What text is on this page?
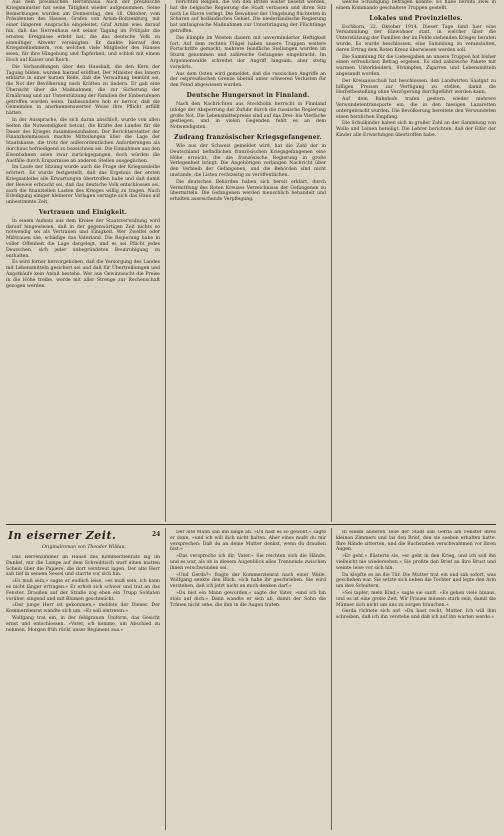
Aus dem preußischen Herrenhaus. Auch der preußische Kriegsminister hat seine Tätigkeit wieder aufgenommen. Seine Bemerkungen wurden am Donnerstag, den 16. Oktober, vom Präsidenten des Hauses, Grafen von Arnim-Boitzenburg, mit einer längeren Ansprache eingeleitet. Graf Arnim wies darauf hin, daß das Herrenhaus seit seiner Tagung im Frühjahr die ernsten Ereignisse erlebt hat, die das deutsche Volk zu einmütiger Abwehr vereinigten. Er dankte hierauf den Kriegsteilnehmern, von welchen viele Mitglieder des Hauses seien, für ihre Hingebung und Tapferkeit, und schloß mit einem Hoch auf Kaiser und Reich.

Die Verhandlungen über den Haushalt, die den Kern der Tagung bilden, wurden hierauf eröffnet. Der Minister des Innern erklärte in einer kurzen Rede, daß die Verwaltung bemüht sei, die Not der Bevölkerung nach Kräften zu lindern. Er gab eine Übersicht über die Maßnahmen, die zur Sicherung der Ernährung und zur Unterstützung der Familien der Einberufenen getroffen worden seien. Insbesondere hob er hervor, daß die Gemeinden in anerkennenswerter Weise ihre Pflicht erfüllt hätten.

In der Aussprache, die sich daran anschloß, wurde von allen Seiten die Notwendigkeit betont, die Kräfte des Landes für die Dauer des Krieges zusammenzuhalten. Der Berichterstatter der Finanzkommission machte Mitteilungen über die Lage der Staatskasse, die trotz der außerordentlichen Anforderungen als durchaus befriedigend zu bezeichnen sei. Die Einnahmen aus den Eisenbahnen seien zwar zurückgegangen, doch würden die Ausfälle durch Ersparnisse an anderen Stellen ausgeglichen.

Im Laufe der Sitzung wurde auch die Frage der Kriegsanleihe erörtert. Es wurde festgestellt, daß das Ergebnis der ersten Kriegsanleihe alle Erwartungen übertroffen habe und daß damit der Beweis erbracht sei, daß das deutsche Volk entschlossen sei, auch die finanziellen Lasten des Krieges willig zu tragen. Nach Erledigung einiger kleinerer Vorlagen vertagte sich das Haus auf unbestimmte Zeit.

Vertrauen und Einigkeit.

In einem Aufsatz aus dem Kreise der Staatsverwaltung wird darauf hingewiesen, daß in der gegenwärtigen Zeit nichts so notwendig sei als Vertrauen und Einigkeit. Wer Zweifel oder Mißtrauen säe, schädige das Vaterland. Die Regierung habe in voller Offenheit die Lage dargelegt, und es sei Pflicht jedes Deutschen, sich jeder unbegründeten Beunruhigung zu enthalten.

Es wird ferner hervorgehoben, daß die Versorgung des Landes mit Lebensmitteln gesichert sei und daß für Übertreibungen und Angstkäufe kein Anlaß bestehe. Wer aus Gewinnsucht die Preise in die Höhe treibe, werde mit aller Strenge zur Rechenschaft gezogen werden.

berichten Belgien, die von den Briten weiter besetzt werden, hat die belgische Regierung die Stadt verlassen und ihren Sitz nach Le Havre verlegt. Die Bewohner der Umgebung flüchteten in Scharen auf holländisches Gebiet. Die niederländische Regierung hat umfangreiche Maßnahmen zur Unterbringung der Flüchtlinge getroffen.

Die Kämpfe im Westen dauern mit unverminderter Heftigkeit fort. Auf dem rechten Flügel haben unsere Truppen weitere Fortschritte gemacht; mehrere feindliche Stellungen wurden im Sturm genommen und zahlreiche Gefangene eingebracht. Im Argonnenwalde schreitet der Angriff langsam, aber stetig vorwärts.

Aus dem Osten wird gemeldet, daß die russischen Angriffe an der ostpreußischen Grenze überall unter schweren Verlusten für den Feind abgewiesen wurden.

Deutsche Hungersnot in Finnland.

Nach den Nachrichten aus Stockholm herrscht in Finnland infolge der Absperrung der Zufuhr durch die russische Regierung große Not. Die Lebensmittelpreise sind auf das Drei- bis Vierfache gestiegen, und in vielen Gegenden fehlt es an dem Notwendigsten.

Zudrang französischer Kriegsgefangener.

Wie aus der Schweiz gemeldet wird, hat die Zahl der in Deutschland befindlichen französischen Kriegsgefangenen eine Höhe erreicht, die die französische Regierung in große Verlegenheit bringt. Die Angehörigen verlangen Nachricht über den Verbleib der Gefangenen, und die Behörden sind nicht imstande, die Listen rechtzeitig zu veröffentlichen.

Die deutschen Behörden haben sich bereit erklärt, durch Vermittlung des Roten Kreuzes Verzeichnisse der Gefangenen zu übermitteln. Die Gefangenen werden menschlich behandelt und erhalten ausreichende Verpflegung.

welche Schädigung befragen könnte. Es habe bereits zwei in einem Kommando geschaltete Truppen gestellt.

Lokales und Provinzielles.

Eschborn, 22. Oktober 1914. Dieser Tage fand hier eine Versammlung der Einwohner statt, in welcher über die Unterstützung der Familien der im Felde stehenden Krieger beraten wurde. Es wurde beschlossen, eine Sammlung zu veranstalten, deren Ertrag dem Roten Kreuz überwiesen werden soll.

Die Sammlung für die Liebesgaben an unsere Truppen hat bisher einen erfreulichen Betrag ergeben. Es sind zahlreiche Pakete mit warmen Unterkleidern, Strümpfen, Zigarren und Lebensmitteln abgesandt worden.

Der Kreisausschuß hat beschlossen, den Landwirten Saatgut zu billigen Preisen zur Verfügung zu stellen, damit die Herbstbestellung ohne Verzögerung durchgeführt werden kann.

Auf dem Bahnhofe trafen gestern wieder mehrere Verwundetentransporte ein, die in den hiesigen Lazaretten untergebracht wurden. Die Bevölkerung bereitete den Verwundeten einen herzlichen Empfang.

Die Schulkinder haben sich in großer Zahl an der Sammlung von Wolle und Leinen beteiligt. Die Lehrer berichten, daß der Eifer der Kinder alle Erwartungen übertroffen habe.

In eiserner Zeit.	24
Originalroman von Theodor Wildau.

Das Herrenzimmer im Hause des Kommerzienrats lag im Dunkel, nur die Lampe auf dem Schreibtisch warf einen matten Schein über die Papiere, die dort verstreut lagen. Der alte Herr saß tief in seinem Sessel und starrte vor sich hin.

»Es muß sein,« sagte er endlich leise, »es muß sein, ich kann es nicht länger ertragen.« Er erhob sich schwer und trat an das Fenster. Draußen auf der Straße zog eben ein Trupp Soldaten vorüber, singend und mit Blumen geschmückt.

»Der junge Herr ist gekommen,« meldete der Diener. Der Kommerzienrat wandte sich um. »Er soll eintreten.«

Wolfgang trat ein, in der feldgrauen Uniform, das Gesicht ernst und entschlossen. »Vater, ich komme, um Abschied zu nehmen. Morgen früh rückt unser Regiment aus.«

Der alte Mann sah ihn lange an. »Du hast es so gewollt,« sagte er dann, »und ich will dich nicht halten. Aber eines mußt du mir versprechen: Daß du an deine Mutter denkst, wenn du draußen bist.«

»Das verspreche ich dir, Vater.« Sie reichten sich die Hände, und es war, als ob in diesem Augenblick alles Trennende zwischen ihnen verschwunden sei.

»Und Gerda?« fragte der Kommerzienrat nach einer Weile. Wolfgang senkte den Blick. »Ich habe ihr geschrieben. Sie wird verstehen, daß ich jetzt nicht an mich denken darf.«

»Du bist ein Mann geworden,« sagte der Vater, »und ich bin stolz auf dich.« Dann wandte er sich ab, damit der Sohn die Tränen nicht sehe, die ihm in die Augen traten.

In einem anderen Teile der Stadt saß Gerda am Fenster ihres kleinen Zimmers und las den Brief, den sie soeben erhalten hatte. Ihre Hände zitterten, und die Buchstaben verschwammen vor ihren Augen.

»Er geht,« flüsterte sie, »er geht in den Krieg, und ich soll ihn vielleicht nie wiedersehen.« Sie preßte den Brief an ihre Brust und weinte leise vor sich hin.

Da klopfte es an die Tür. Die Mutter trat ein und sah sofort, was geschehen war. Sie setzte sich neben die Tochter und legte den Arm um ihre Schultern.

»Sei tapfer, mein Kind,« sagte sie sanft. »Es gehen viele hinaus, und es ist eine große Zeit. Wir Frauen müssen stark sein, damit die Männer sich nicht um uns zu sorgen brauchen.«

Gerda richtete sich auf. »Du hast recht, Mutter. Ich will ihm schreiben, daß ich ihn verstehe und daß ich auf ihn warten werde.«
